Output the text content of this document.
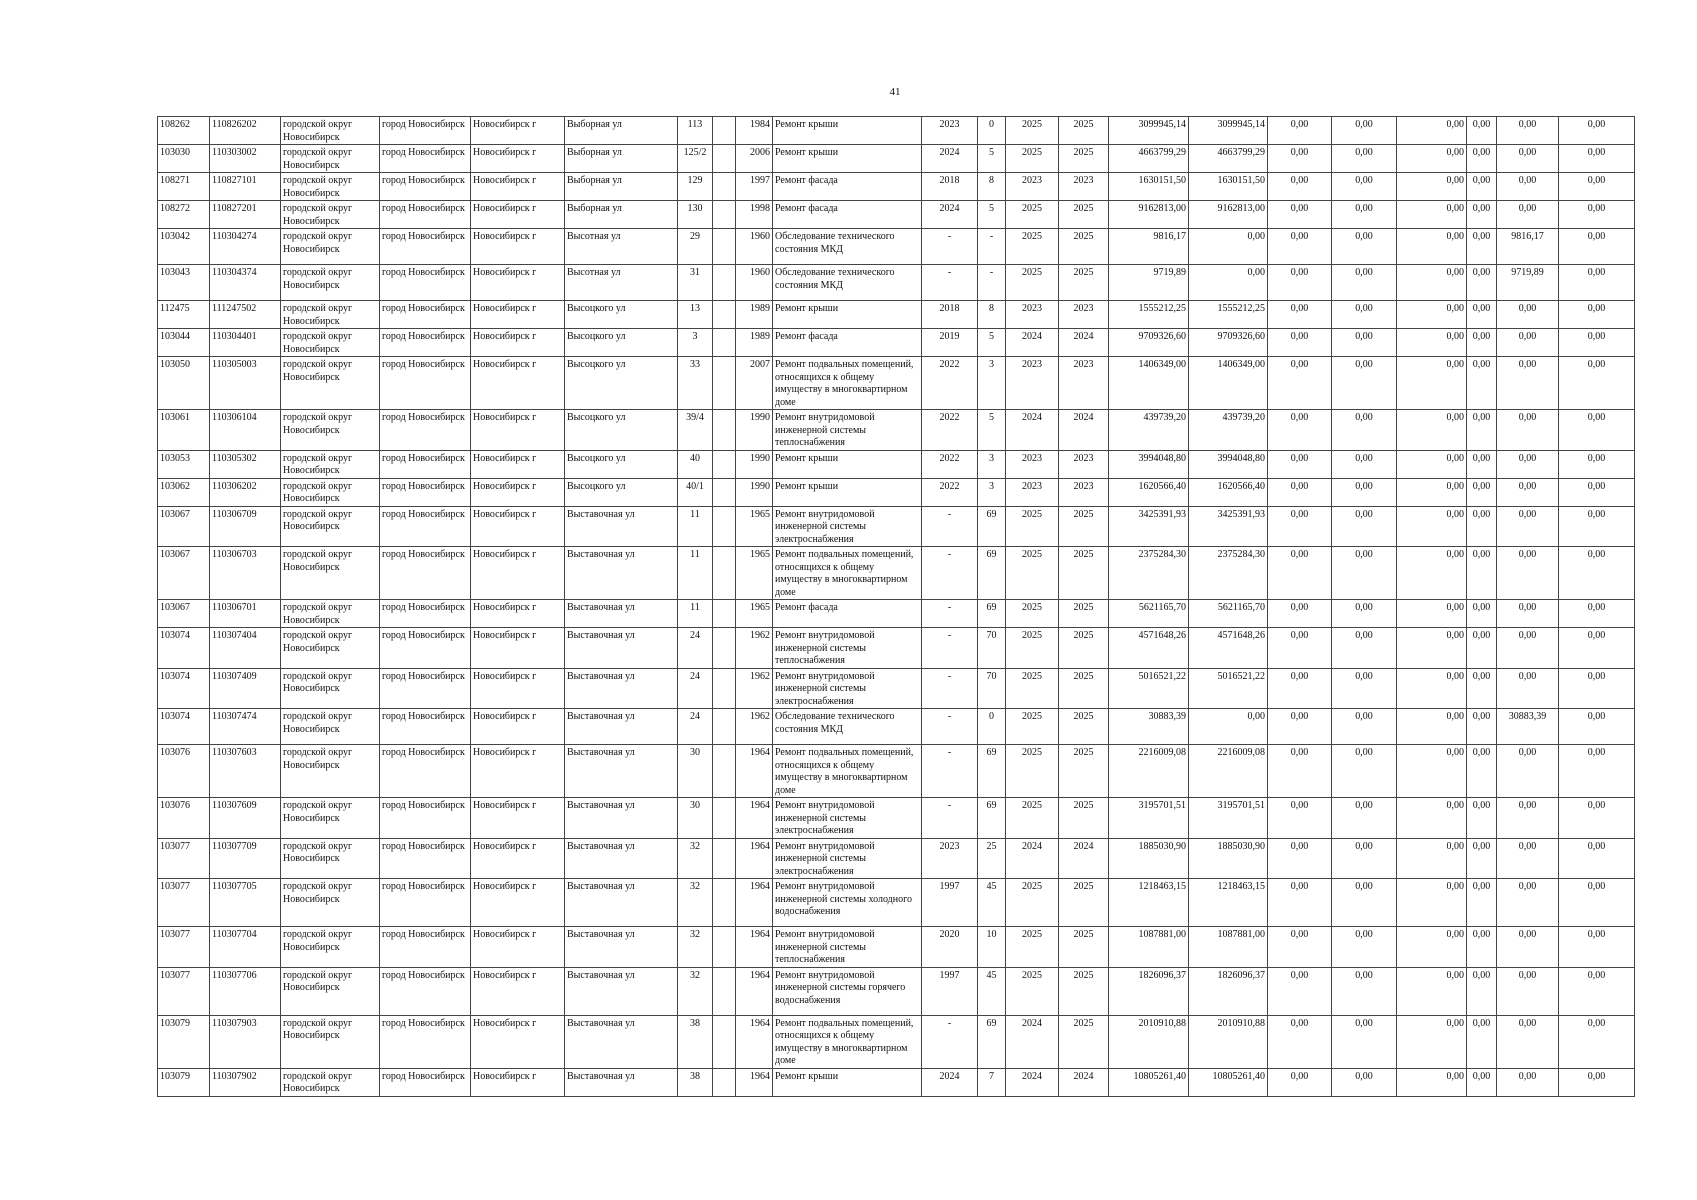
41
108262	110826202	городской округ Новосибирск	город Новосибирск	Новосибирск г	Выборная ул	113		1984	Ремонт крыши	2023	0	2025	2025	3099945,14	3099945,14	0,00	0,00	0,00	0,00	0,00	0,00
103030	110303002	городской округ Новосибирск	город Новосибирск	Новосибирск г	Выборная ул	125/2		2006	Ремонт крыши	2024	5	2025	2025	4663799,29	4663799,29	0,00	0,00	0,00	0,00	0,00	0,00
108271	110827101	городской округ Новосибирск	город Новосибирск	Новосибирск г	Выборная ул	129		1997	Ремонт фасада	2018	8	2023	2023	1630151,50	1630151,50	0,00	0,00	0,00	0,00	0,00	0,00
108272	110827201	городской округ Новосибирск	город Новосибирск	Новосибирск г	Выборная ул	130		1998	Ремонт фасада	2024	5	2025	2025	9162813,00	9162813,00	0,00	0,00	0,00	0,00	0,00	0,00
103042	110304274	городской округ Новосибирск	город Новосибирск	Новосибирск г	Высотная ул	29		1960	Обследование технического состояния МКД	-	-	2025	2025	9816,17	0,00	0,00	0,00	0,00	0,00	9816,17	0,00
103043	110304374	городской округ Новосибирск	город Новосибирск	Новосибирск г	Высотная ул	31		1960	Обследование технического состояния МКД	-	-	2025	2025	9719,89	0,00	0,00	0,00	0,00	0,00	9719,89	0,00
112475	111247502	городской округ Новосибирск	город Новосибирск	Новосибирск г	Высоцкого ул	13		1989	Ремонт крыши	2018	8	2023	2023	1555212,25	1555212,25	0,00	0,00	0,00	0,00	0,00	0,00
103044	110304401	городской округ Новосибирск	город Новосибирск	Новосибирск г	Высоцкого ул	3		1989	Ремонт фасада	2019	5	2024	2024	9709326,60	9709326,60	0,00	0,00	0,00	0,00	0,00	0,00
103050	110305003	городской округ Новосибирск	город Новосибирск	Новосибирск г	Высоцкого ул	33		2007	Ремонт подвальных помещений, относящихся к общему имуществу в многоквартирном доме	2022	3	2023	2023	1406349,00	1406349,00	0,00	0,00	0,00	0,00	0,00	0,00
103061	110306104	городской округ Новосибирск	город Новосибирск	Новосибирск г	Высоцкого ул	39/4		1990	Ремонт внутридомовой инженерной системы теплоснабжения	2022	5	2024	2024	439739,20	439739,20	0,00	0,00	0,00	0,00	0,00	0,00
103053	110305302	городской округ Новосибирск	город Новосибирск	Новосибирск г	Высоцкого ул	40		1990	Ремонт крыши	2022	3	2023	2023	3994048,80	3994048,80	0,00	0,00	0,00	0,00	0,00	0,00
103062	110306202	городской округ Новосибирск	город Новосибирск	Новосибирск г	Высоцкого ул	40/1		1990	Ремонт крыши	2022	3	2023	2023	1620566,40	1620566,40	0,00	0,00	0,00	0,00	0,00	0,00
103067	110306709	городской округ Новосибирск	город Новосибирск	Новосибирск г	Выставочная ул	11		1965	Ремонт внутридомовой инженерной системы электроснабжения	-	69	2025	2025	3425391,93	3425391,93	0,00	0,00	0,00	0,00	0,00	0,00
103067	110306703	городской округ Новосибирск	город Новосибирск	Новосибирск г	Выставочная ул	11		1965	Ремонт подвальных помещений, относящихся к общему имуществу в многоквартирном доме	-	69	2025	2025	2375284,30	2375284,30	0,00	0,00	0,00	0,00	0,00	0,00
103067	110306701	городской округ Новосибирск	город Новосибирск	Новосибирск г	Выставочная ул	11		1965	Ремонт фасада	-	69	2025	2025	5621165,70	5621165,70	0,00	0,00	0,00	0,00	0,00	0,00
103074	110307404	городской округ Новосибирск	город Новосибирск	Новосибирск г	Выставочная ул	24		1962	Ремонт внутридомовой инженерной системы теплоснабжения	-	70	2025	2025	4571648,26	4571648,26	0,00	0,00	0,00	0,00	0,00	0,00
103074	110307409	городской округ Новосибирск	город Новосибирск	Новосибирск г	Выставочная ул	24		1962	Ремонт внутридомовой инженерной системы электроснабжения	-	70	2025	2025	5016521,22	5016521,22	0,00	0,00	0,00	0,00	0,00	0,00
103074	110307474	городской округ Новосибирск	город Новосибирск	Новосибирск г	Выставочная ул	24		1962	Обследование технического состояния МКД	-	0	2025	2025	30883,39	0,00	0,00	0,00	0,00	0,00	30883,39	0,00
103076	110307603	городской округ Новосибирск	город Новосибирск	Новосибирск г	Выставочная ул	30		1964	Ремонт подвальных помещений, относящихся к общему имуществу в многоквартирном доме	-	69	2025	2025	2216009,08	2216009,08	0,00	0,00	0,00	0,00	0,00	0,00
103076	110307609	городской округ Новосибирск	город Новосибирск	Новосибирск г	Выставочная ул	30		1964	Ремонт внутридомовой инженерной системы электроснабжения	-	69	2025	2025	3195701,51	3195701,51	0,00	0,00	0,00	0,00	0,00	0,00
103077	110307709	городской округ Новосибирск	город Новосибирск	Новосибирск г	Выставочная ул	32		1964	Ремонт внутридомовой инженерной системы электроснабжения	2023	25	2024	2024	1885030,90	1885030,90	0,00	0,00	0,00	0,00	0,00	0,00
103077	110307705	городской округ Новосибирск	город Новосибирск	Новосибирск г	Выставочная ул	32		1964	Ремонт внутридомовой инженерной системы холодного водоснабжения	1997	45	2025	2025	1218463,15	1218463,15	0,00	0,00	0,00	0,00	0,00	0,00
103077	110307704	городской округ Новосибирск	город Новосибирск	Новосибирск г	Выставочная ул	32		1964	Ремонт внутридомовой инженерной системы теплоснабжения	2020	10	2025	2025	1087881,00	1087881,00	0,00	0,00	0,00	0,00	0,00	0,00
103077	110307706	городской округ Новосибирск	город Новосибирск	Новосибирск г	Выставочная ул	32		1964	Ремонт внутридомовой инженерной системы горячего водоснабжения	1997	45	2025	2025	1826096,37	1826096,37	0,00	0,00	0,00	0,00	0,00	0,00
103079	110307903	городской округ Новосибирск	город Новосибирск	Новосибирск г	Выставочная ул	38		1964	Ремонт подвальных помещений, относящихся к общему имуществу в многоквартирном доме	-	69	2024	2025	2010910,88	2010910,88	0,00	0,00	0,00	0,00	0,00	0,00
103079	110307902	городской округ Новосибирск	город Новосибирск	Новосибирск г	Выставочная ул	38		1964	Ремонт крыши	2024	7	2024	2024	10805261,40	10805261,40	0,00	0,00	0,00	0,00	0,00	0,00
